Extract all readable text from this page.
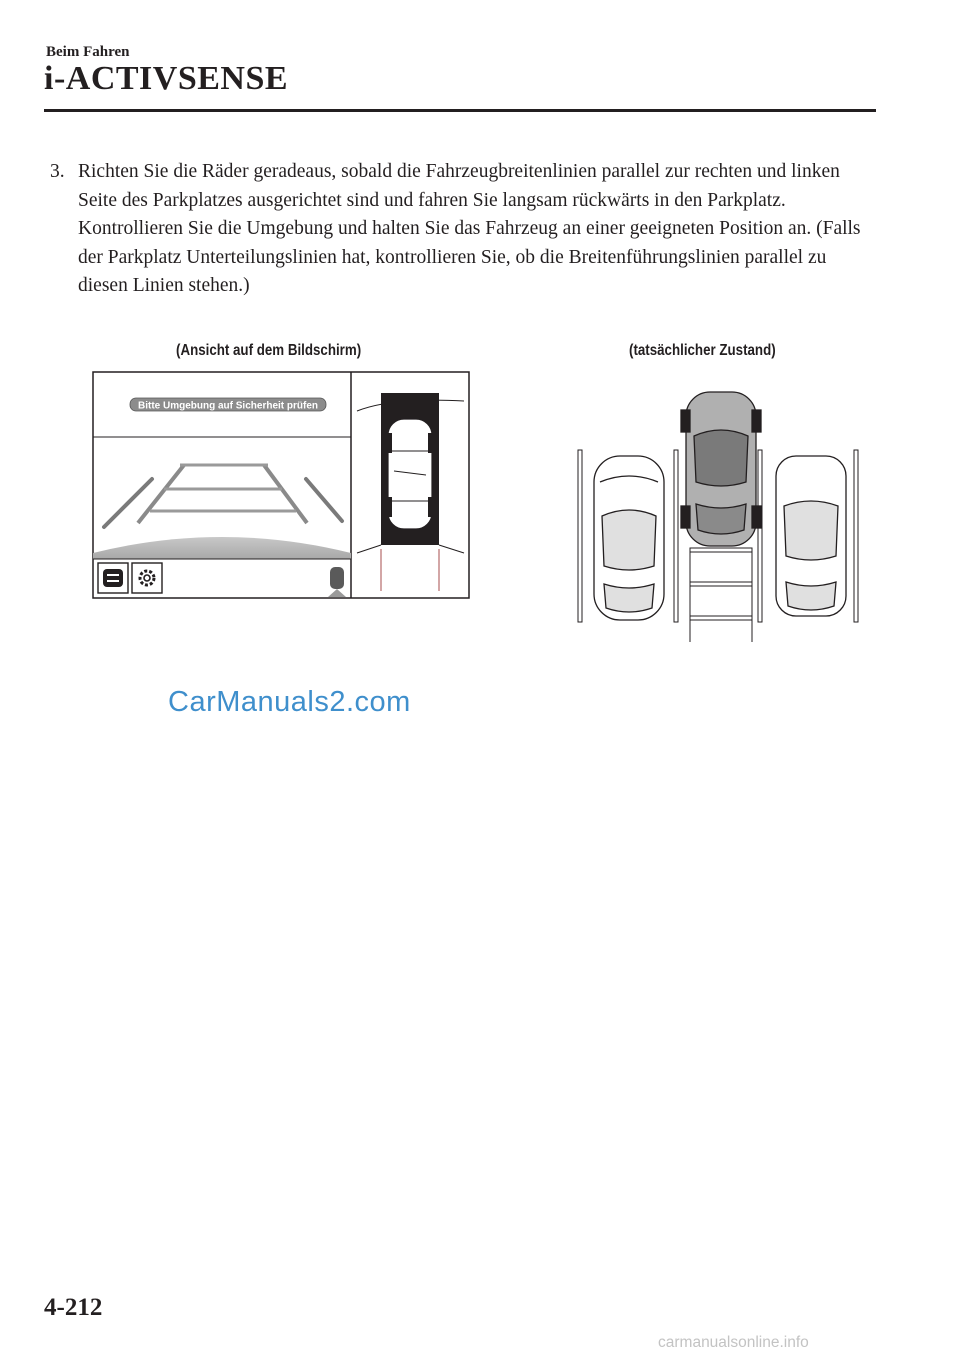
Beim Fahren
i-ACTIVSENSE
3. Richten Sie die Räder geradeaus, sobald die Fahrzeugbreitenlinien parallel zur rechten und linken Seite des Parkplatzes ausgerichtet sind und fahren Sie langsam rückwärts in den Parkplatz. Kontrollieren Sie die Umgebung und halten Sie das Fahrzeug an einer geeigneten Position an. (Falls der Parkplatz Unterteilungslinien hat, kontrollieren Sie, ob die Breitenführungslinien parallel zu diesen Linien stehen.)
(Ansicht auf dem Bildschirm)	(tatsächlicher Zustand)
Bitte Umgebung auf Sicherheit prüfen
CarManuals2.com
4-212
carmanualsonline.info
